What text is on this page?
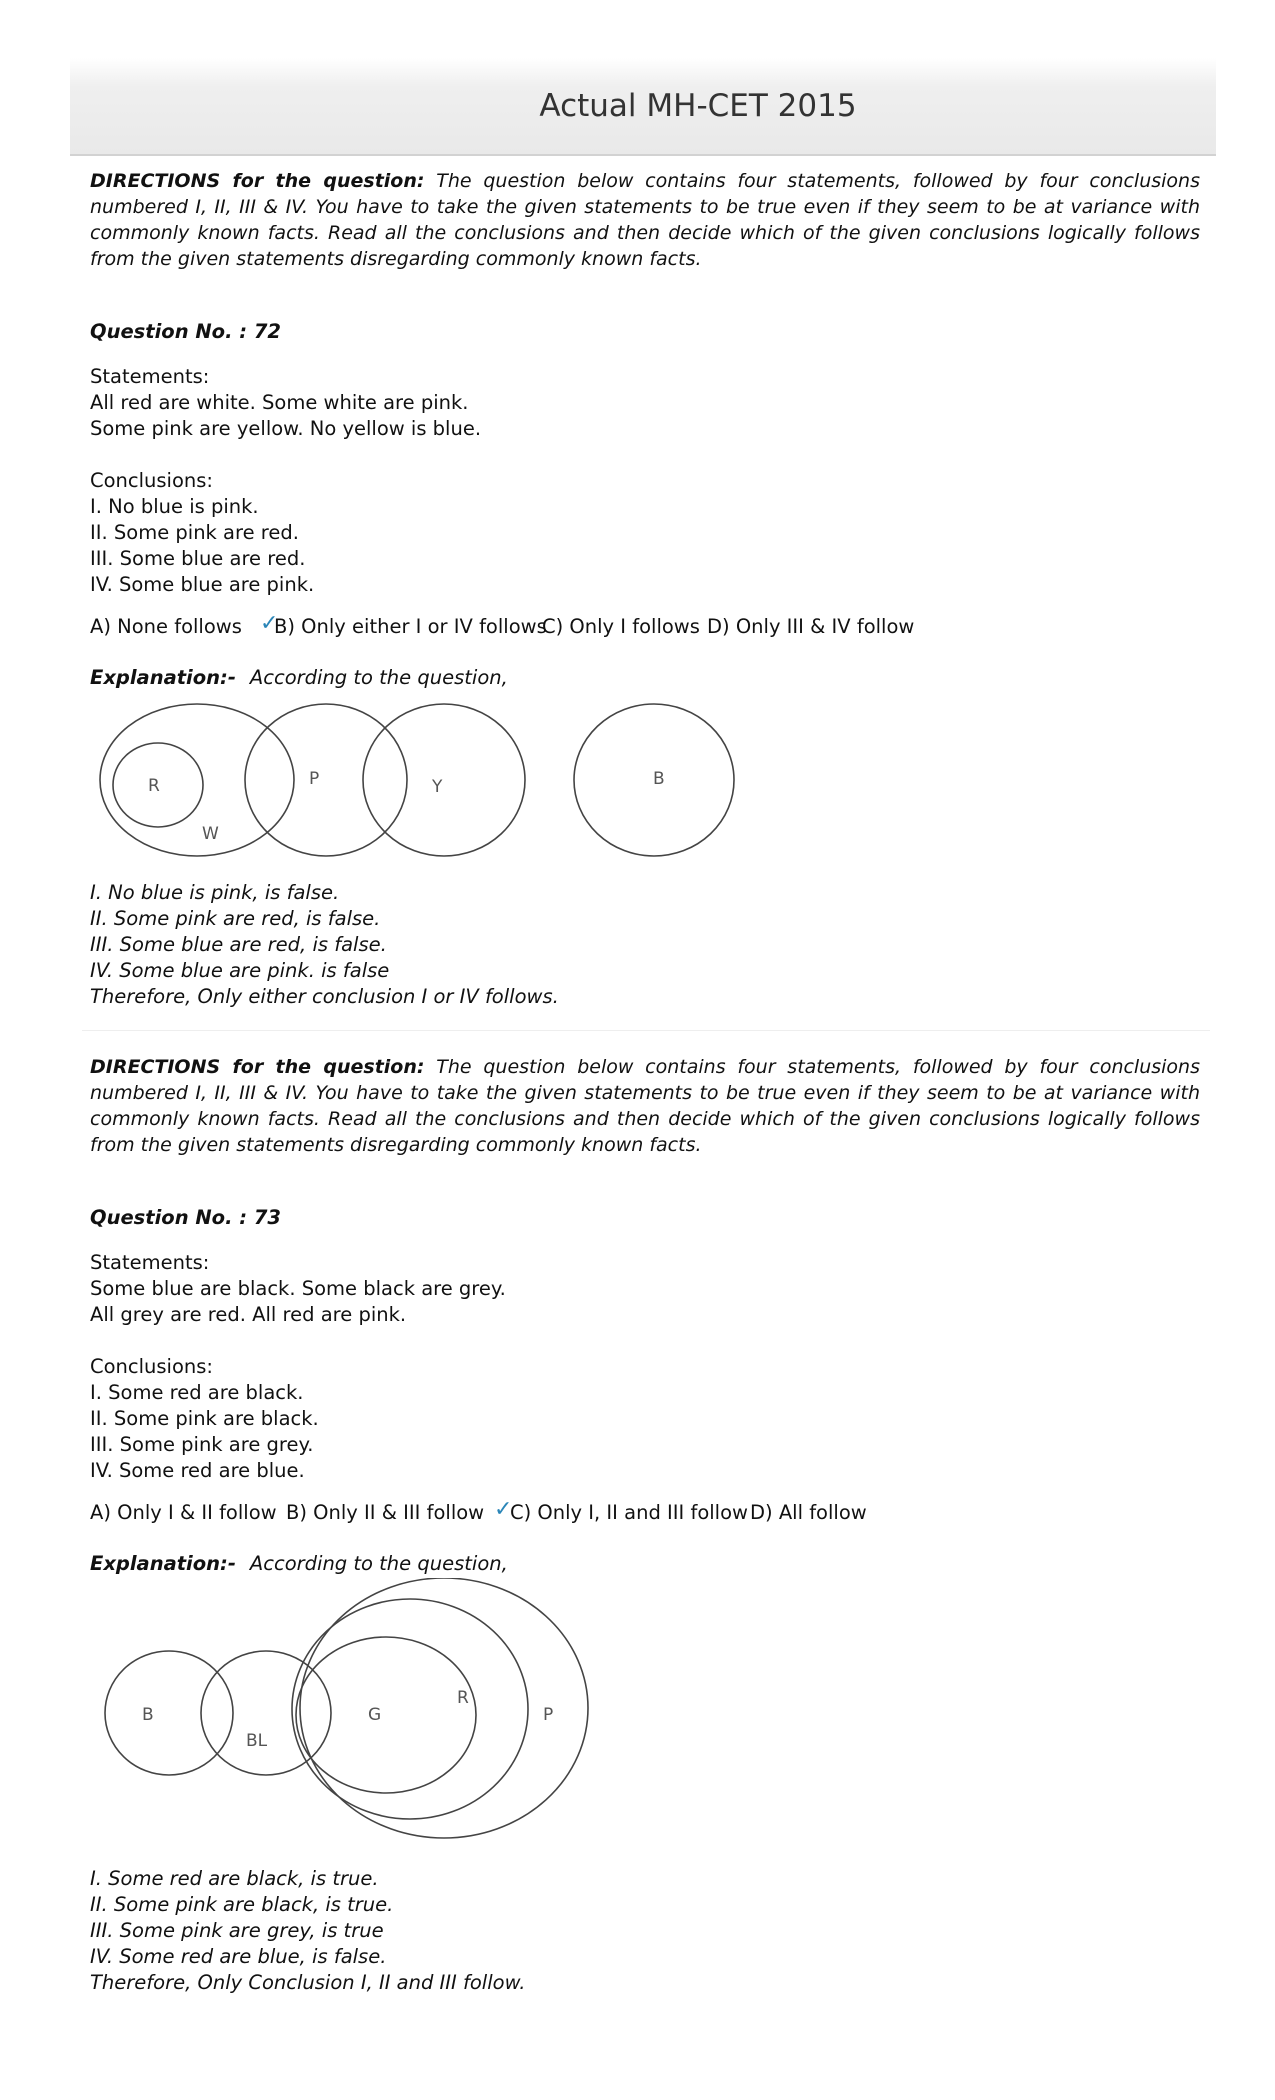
Actual MH-CET 2015
DIRECTIONS for the question: The question below contains four statements, followed by four conclusions numbered I, II, III & IV. You have to take the given statements to be true even if they seem to be at variance with commonly known facts. Read all the conclusions and then decide which of the given conclusions logically follows from the given statements disregarding commonly known facts.
Question No. : 72
Statements:
All red are white. Some white are pink.
Some pink are yellow. No yellow is blue.
Conclusions:
I. No blue is pink.
II. Some pink are red.
III. Some blue are red.
IV. Some blue are pink.
A) None follows ✓
B) Only either I or IV follows
C) Only I follows D) Only III & IV follow
Explanation:- According to the question,
R
W
P	Y	B
I. No blue is pink, is false.
II. Some pink are red, is false.
III. Some blue are red, is false.
IV. Some blue are pink. is false
Therefore, Only either conclusion I or IV follows.
DIRECTIONS for the question: The question below contains four statements, followed by four conclusions numbered I, II, III & IV. You have to take the given statements to be true even if they seem to be at variance with commonly known facts. Read all the conclusions and then decide which of the given conclusions logically follows from the given statements disregarding commonly known facts.
Question No. : 73
Statements:
Some blue are black. Some black are grey.
All grey are red. All red are pink.
Conclusions:
I. Some red are black.
II. Some pink are black.
III. Some pink are grey.
IV. Some red are blue.
A) Only I & II follow B) Only II & III follow ✓
C) Only I, II and III follow D) All follow
Explanation:- According to the question,
B
BL
G
R
P
I. Some red are black, is true.
II. Some pink are black, is true.
III. Some pink are grey, is true
IV. Some red are blue, is false.
Therefore, Only Conclusion I, II and III follow.
